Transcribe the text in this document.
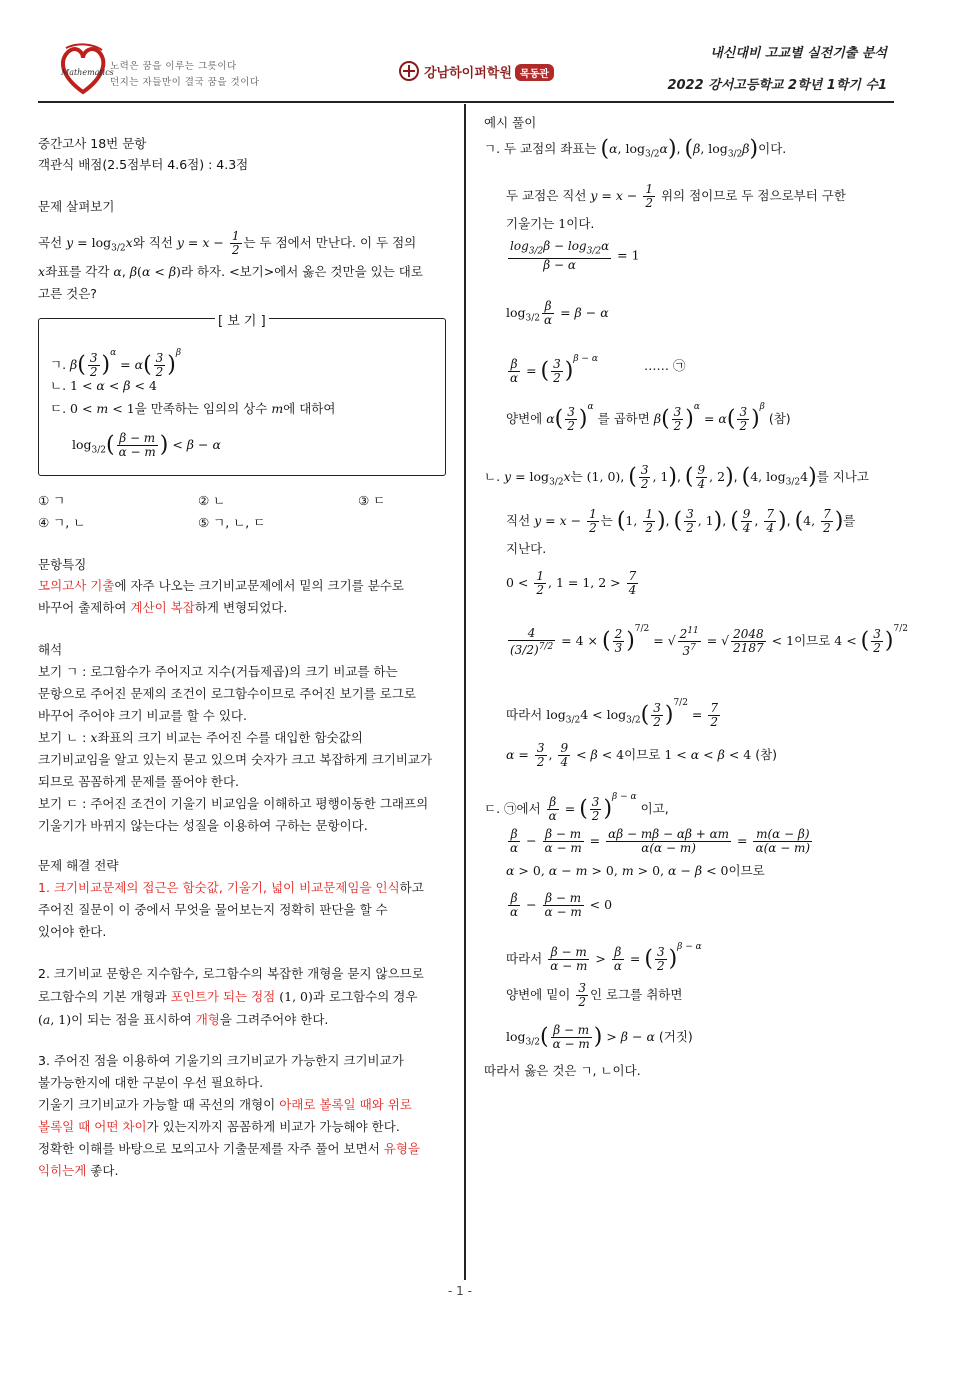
Mathematics
노력은 꿈을 이루는 그릇이다
던지는 자들만이 결국 꿈을 것이다
강남하이퍼학원 목동관
내신대비 고교별 실전기출 분석
2022 강서고등학교 2학년 1학기 수1
중간고사 18번 문항
객관식 배점(2.5점부터 4.6점) : 4.3점
문제 살펴보기
곡선 $y = \log_{3/2}x$와 직선 $y = x - \frac{1}{2}$ 는 두 점에서 만난다. 이 두 점의
x좌표를 각각 α, β(α < β)라 하자. <보기>에서 옳은 것만을 있는 대로
고른 것은?
[ 보 기 ]
ㄱ. $\beta( \frac{3}{2} )^\alpha = \alpha( \frac{3}{2} )^\beta$
ㄴ. 1 < α < β < 4
ㄷ. 0 < m < 1을 만족하는 임의의 상수 m에 대하여
$\log_{3/2}( \frac{\beta - m}{\alpha - m}$ ) < β − α
① ㄱ	② ㄴ	③ ㄷ
④ ㄱ, ㄴ	⑤ ㄱ, ㄴ, ㄷ
문항특징
모의고사 기출에 자주 나오는 크기비교문제에서 밑의 크기를 분수로
바꾸어 출제하여 계산이 복잡하게 변형되었다.
해석
보기 ㄱ : 로그함수가 주어지고 지수(거듭제곱)의 크기 비교를 하는
문항으로 주어진 문제의 조건이 로그함수이므로 주어진 보기를 로그로
바꾸어 주어야 크기 비교를 할 수 있다.
보기 ㄴ : x좌표의 크기 비교는 주어진 수를 대입한 함숫값의
크기비교임을 알고 있는지 묻고 있으며 숫자가 크고 복잡하게 크기비교가
되므로 꼼꼼하게 문제를 풀어야 한다.
보기 ㄷ : 주어진 조건이 기울기 비교임을 이해하고 평행이동한 그래프의
기울기가 바뀌지 않는다는 성질을 이용하여 구하는 문항이다.
문제 해결 전략
1. 크기비교문제의 접근은 함숫값, 기울기, 넓이 비교문제임을 인식하고
주어진 질문이 이 중에서 무엇을 물어보는지 정확히 판단을 할 수
있어야 한다.
2. 크기비교 문항은 지수함수, 로그함수의 복잡한 개형을 묻지 않으므로
로그함수의 기본 개형과 포인트가 되는 정점 (1, 0)과 로그함수의 경우
(a, 1)이 되는 점을 표시하여 개형을 그려주어야 한다.
3. 주어진 점을 이용하여 기울기의 크기비교가 가능한지 크기비교가
불가능한지에 대한 구분이 우선 필요하다.
기울기 크기비교가 가능할 때 곡선의 개형이 아래로 볼록일 때와 위로
볼록일 때 어떤 차이가 있는지까지 꼼꼼하게 비교가 가능해야 한다.
정확한 이해를 바탕으로 모의고사 기출문제를 자주 풀어 보면서 유형을
익히는게 좋다.
예시 풀이
ㄱ. 두 교점의 좌표는 (α, $\log_{3/2}\alpha$), (β, $\log_{3/2}\beta$)이다.
두 교점은 직선 $y = x - \frac{1}{2}$ 위의 점이므로 두 점으로부터 구한
기울기는 1이다.
$\frac{\log_{3/2}\beta - \log_{3/2}\alpha}{\beta - \alpha} = 1$
$\log_{3/2} \frac{\beta}{\alpha} = \beta - \alpha$
$\frac{\beta}{\alpha}$ = ( $\frac{3}{2} )^{\beta - \alpha}$	…… ㉠
양변에 $\alpha( \frac{3}{2} )^\alpha$ 를 곱하면 $\beta( \frac{3}{2} )^\alpha = \alpha( \frac{3}{2} )^\beta$ (참)
ㄴ. $y = \log_{3/2}x$는 (1, 0), ( $\frac{3}{2}$ , 1), ( $\frac{9}{4}$ , 2), (4, $\log_{3/2}4$)를 지나고
직선 $y = x - \frac{1}{2}$ 는 (1, $\frac{1}{2}$ ), ( $\frac{3}{2}$ , 1), ( $\frac{9}{4}$ , $\frac{7}{4}$ ), (4, $\frac{7}{2}$ )를
지난다.
$0 < \frac{1}{2}$ , 1 = 1, $2 > \frac{7}{4}$
$\frac{4}{(3/2)^{7/2}} = 4$ × ( $\frac{2}{3} )^{7/2}$ = √ $\frac{2^{11}}{3^7}$ = √ $\frac{2048}{2187} < 1$이므로 4 < ( $\frac{3}{2} )^{7/2}$
따라서 $\log_{3/2}4 < \log_{3/2}( \frac{3}{2} )^{7/2} = \frac{7}{2}$
$\alpha = \frac{3}{2}$ , $\frac{9}{4} < \beta < 4$이므로 1 < α < β < 4 (참)
ㄷ. ㉠에서 $\frac{\beta}{\alpha}$ = ( $\frac{3}{2} )^{\beta - \alpha}$ 이고,
$\frac{\beta}{\alpha} - \frac{\beta - m}{\alpha - m} = \frac{\alpha\beta - m\beta - \alpha\beta + \alpha m}{\alpha(\alpha - m)} = \frac{m(\alpha - \beta)}{\alpha(\alpha - m)}$
α > 0, α − m > 0, m > 0, α − β < 0이므로
$\frac{\beta}{\alpha} - \frac{\beta - m}{\alpha - m} < 0$
따라서 $\frac{\beta - m}{\alpha - m} > \frac{\beta}{\alpha}$ = ( $\frac{3}{2} )^{\beta - \alpha}$
양변에 밑이 $\frac{3}{2}$ 인 로그를 취하면
$\log_{3/2}( \frac{\beta - m}{\alpha - m}$ ) > β − α (거짓)
따라서 옳은 것은 ㄱ, ㄴ이다.
- 1 -
